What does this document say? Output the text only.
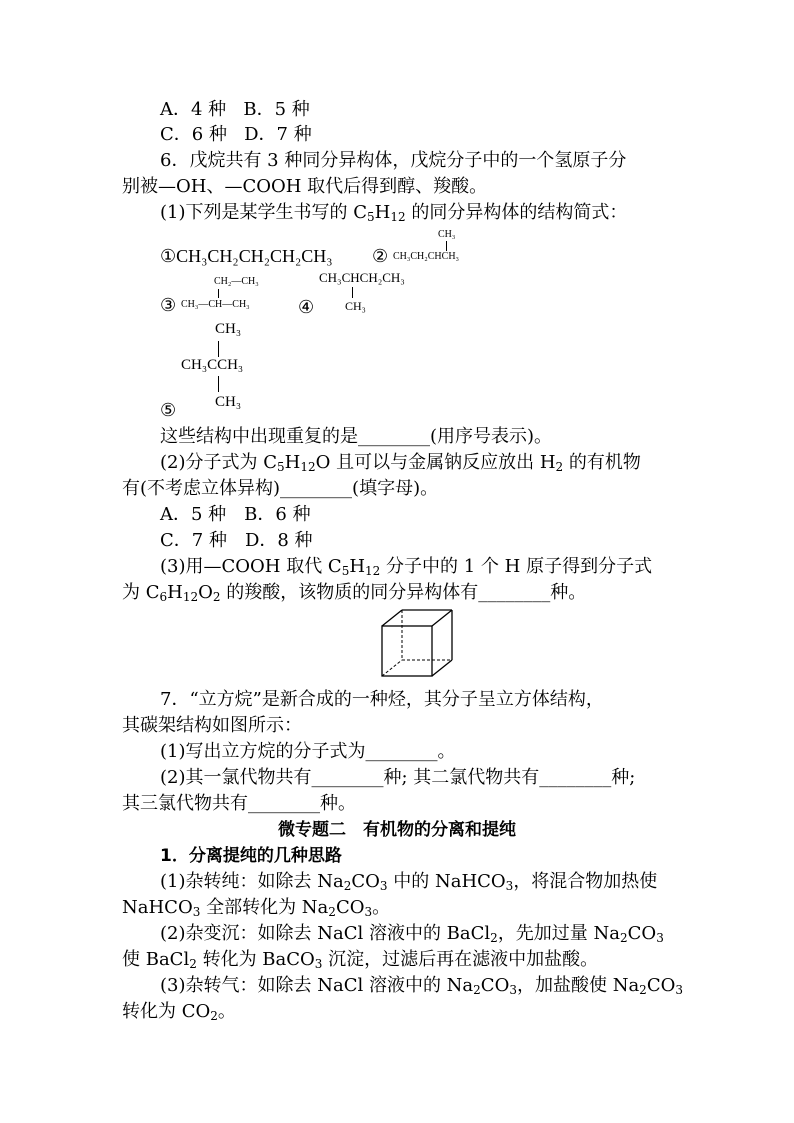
A．4 种 B．5 种
C．6 种 D．7 种
6．戊烷共有 3 种同分异构体，戊烷分子中的一个氢原子分
别被—OH、—COOH 取代后得到醇、羧酸。
(1)下列是某学生书写的 $C_5H_{12}$ 的同分异构体的结构简式：
①CH₃CH₂CH₂CH₂CH₃ ②
CH₃
CH₃CH₂CHCH₃
CH₂—CH₃
③ CH₃—CH—CH₃
CH₃CHCH₂CH₃
④	CH₃
CH₃
CH₃CCH₃
CH₃
⑤
这些结构中出现重复的是________(用序号表示)。
(2)分子式为 $C_5H_{12}O$ 且可以与金属钠反应放出 $H_2$ 的有机物
有(不考虑立体异构)________(填字母)。
A．5 种　B．6 种
C．7 种　D．8 种
(3)用—COOH 取代 $C_5H_{12}$ 分子中的 1 个 H 原子得到分子式
为 $C_6H_{12}O_2$ 的羧酸，该物质的同分异构体有________种。
7．“立方烷”是新合成的一种烃，其分子呈立方体结构，
其碳架结构如图所示：
(1)写出立方烷的分子式为________。
(2)其一氯代物共有________种; 其二氯代物共有________种;
其三氯代物共有________种。
微专题二　有机物的分离和提纯
1．分离提纯的几种思路
(1)杂转纯：如除去 $Na_2CO_3$ 中的 NaHCO$_3$，将混合物加热使
NaHCO$_3$ 全部转化为 $Na_2CO_3$。
(2)杂变沉：如除去 NaCl 溶液中的 BaCl$_2$，先加过量 $Na_2CO_3$
使 BaCl$_2$ 转化为 BaCO$_3$ 沉淀，过滤后再在滤液中加盐酸。
(3)杂转气：如除去 NaCl 溶液中的 $Na_2CO_3$，加盐酸使 $Na_2CO_3$
转化为 $CO_2$。
